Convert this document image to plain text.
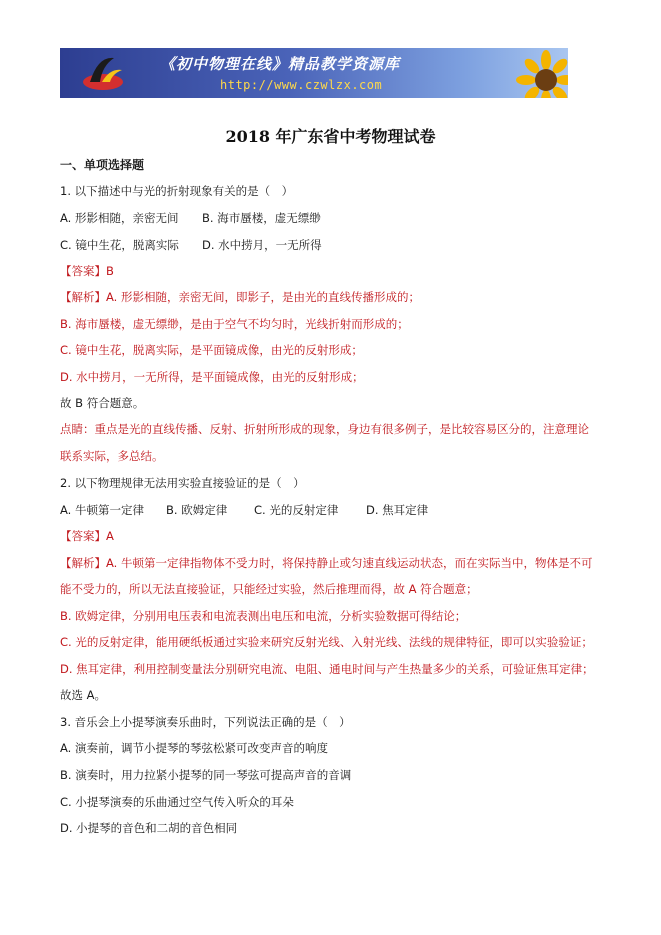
《初中物理在线》精品教学资源库
http://www.czwlzx.com
2018 年广东省中考物理试卷
一、单项选择题
1. 以下描述中与光的折射现象有关的是（　）
A. 形影相随，亲密无间 B. 海市蜃楼，虚无缥缈
C. 镜中生花，脱离实际 D. 水中捞月，一无所得
【答案】B
【解析】A. 形影相随，亲密无间，即影子，是由光的直线传播形成的；
B. 海市蜃楼，虚无缥缈，是由于空气不均匀时，光线折射而形成的；
C. 镜中生花，脱离实际，是平面镜成像，由光的反射形成；
D. 水中捞月，一无所得，是平面镜成像，由光的反射形成；
故 B 符合题意。
点睛：重点是光的直线传播、反射、折射所形成的现象，身边有很多例子，是比较容易区分的，注意理论
联系实际，多总结。
2. 以下物理规律无法用实验直接验证的是（　）
A. 牛顿第一定律 B. 欧姆定律 C. 光的反射定律 D. 焦耳定律
【答案】A
【解析】A. 牛顿第一定律指物体不受力时，将保持静止或匀速直线运动状态，而在实际当中，物体是不可
能不受力的，所以无法直接验证，只能经过实验，然后推理而得，故 A 符合题意；
B. 欧姆定律，分别用电压表和电流表测出电压和电流，分析实验数据可得结论；
C. 光的反射定律，能用硬纸板通过实验来研究反射光线、入射光线、法线的规律特征，即可以实验验证；
D. 焦耳定律，利用控制变量法分别研究电流、电阻、通电时间与产生热量多少的关系，可验证焦耳定律；
故选 A。
3. 音乐会上小提琴演奏乐曲时，下列说法正确的是（　）
A. 演奏前，调节小提琴的琴弦松紧可改变声音的响度
B. 演奏时，用力拉紧小提琴的同一琴弦可提高声音的音调
C. 小提琴演奏的乐曲通过空气传入听众的耳朵
D. 小提琴的音色和二胡的音色相同
